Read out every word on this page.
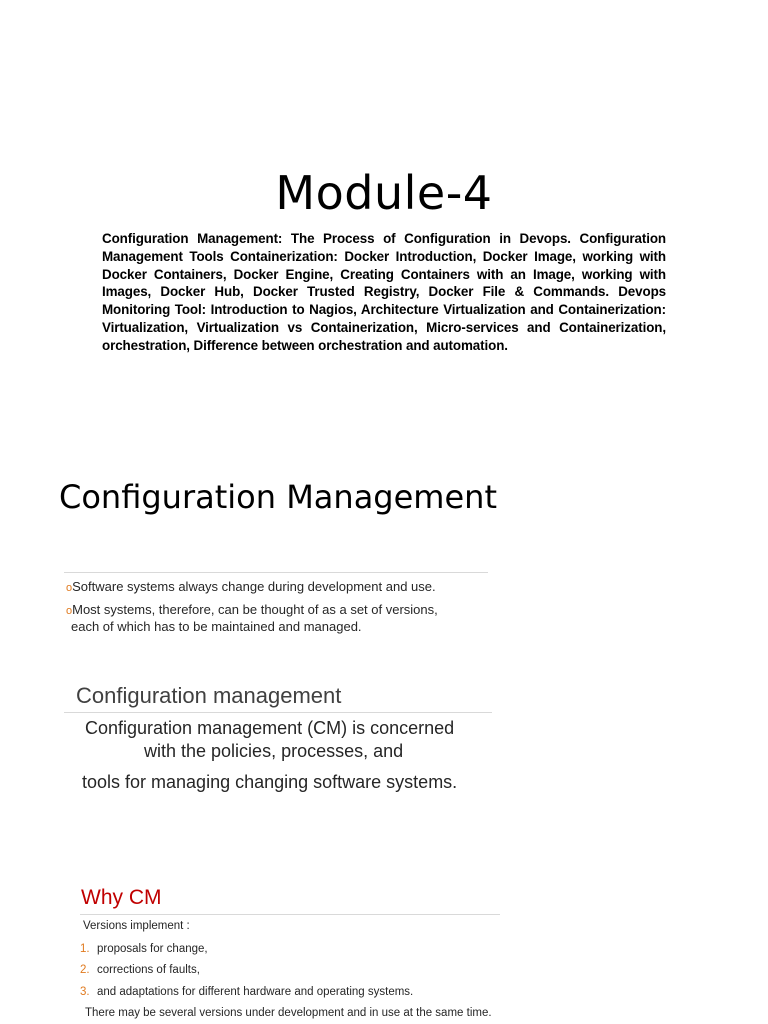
Module-4
Configuration Management: The Process of Configuration in Devops. Configuration Management Tools Containerization: Docker Introduction, Docker Image, working with Docker Containers, Docker Engine, Creating Containers with an Image, working with Images, Docker Hub, Docker Trusted Registry, Docker File & Commands. Devops Monitoring Tool: Introduction to Nagios, Architecture Virtualization and Containerization: Virtualization, Virtualization vs Containerization, Micro-services and Containerization, orchestration, Difference between orchestration and automation.
Configuration Management
oSoftware systems always change during development and use.
oMost systems, therefore, can be thought of as a set of versions,
each of which has to be maintained and managed.
Configuration management
Configuration management (CM) is concerned
with the policies, processes, and
tools for managing changing software systems.
Why CM
Versions implement :
1. proposals for change,
2. corrections of faults,
3. and adaptations for different hardware and operating systems.
There may be several versions under development and in use at the same time.
